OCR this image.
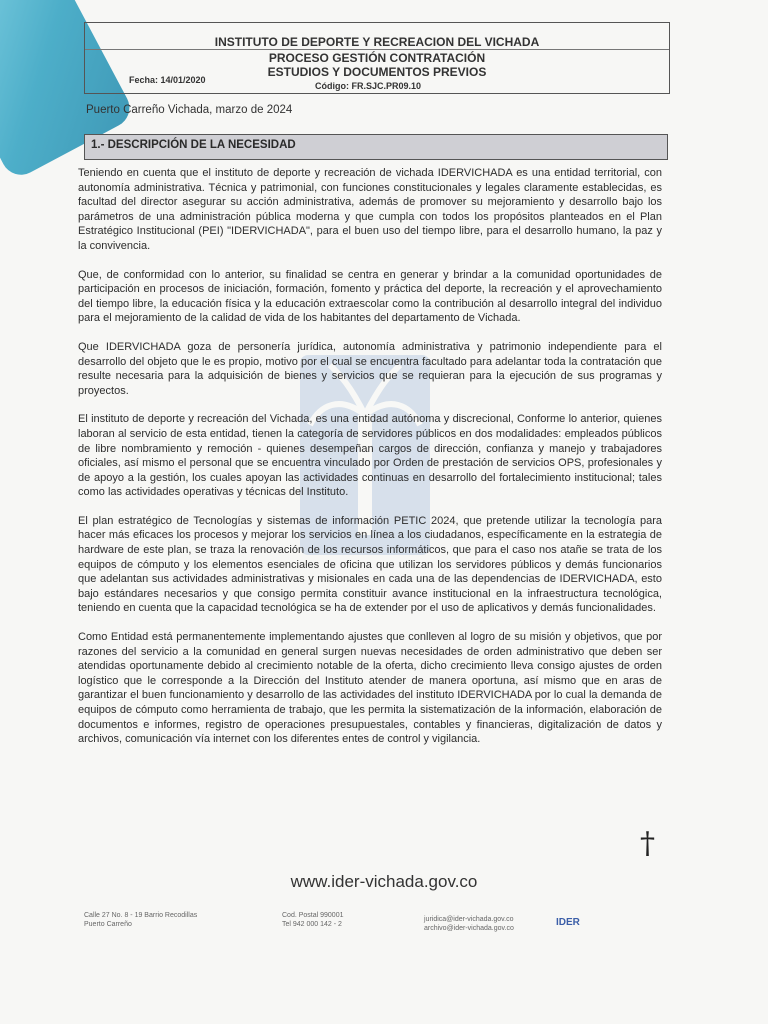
INSTITUTO DE DEPORTE Y RECREACION DEL VICHADA
PROCESO GESTIÓN CONTRATACIÓN
ESTUDIOS Y DOCUMENTOS PREVIOS
Fecha: 14/01/2020
Código: FR.SJC.PR09.10
Puerto Carreño Vichada, marzo de 2024
1.- DESCRIPCIÓN DE LA NECESIDAD

Teniendo en cuenta que el instituto de deporte y recreación de vichada IDERVICHADA es una entidad territorial, con autonomía administrativa. Técnica y patrimonial, con funciones constitucionales y legales claramente establecidas, es facultad del director asegurar su acción administrativa, además de promover su mejoramiento y desarrollo bajo los parámetros de una administración pública moderna y que cumpla con todos los propósitos planteados en el Plan Estratégico Institucional (PEI) "IDERVICHADA", para el buen uso del tiempo libre, para el desarrollo humano, la paz y la convivencia.

Que, de conformidad con lo anterior, su finalidad se centra en generar y brindar a la comunidad oportunidades de participación en procesos de iniciación, formación, fomento y práctica del deporte, la recreación y el aprovechamiento del tiempo libre, la educación física y la educación extraescolar como la contribución al desarrollo integral del individuo para el mejoramiento de la calidad de vida de los habitantes del departamento de Vichada.

Que IDERVICHADA goza de personería jurídica, autonomía administrativa y patrimonio independiente para el desarrollo del objeto que le es propio, motivo por el cual se encuentra facultado para adelantar toda la contratación que resulte necesaria para la adquisición de bienes y servicios que se requieran para la ejecución de sus programas y proyectos.

El instituto de deporte y recreación del Vichada, es una entidad autónoma y discrecional, Conforme lo anterior, quienes laboran al servicio de esta entidad, tienen la categoría de servidores públicos en dos modalidades: empleados públicos de libre nombramiento y remoción - quienes desempeñan cargos de dirección, confianza y manejo y trabajadores oficiales, así mismo el personal que se encuentra vinculado por Orden de prestación de servicios OPS, profesionales y de apoyo a la gestión, los cuales apoyan las actividades continuas en desarrollo del fortalecimiento institucional; tales como las actividades operativas y técnicas del Instituto.

El plan estratégico de Tecnologías y sistemas de información PETIC 2024, que pretende utilizar la tecnología para hacer más eficaces los procesos y mejorar los servicios en línea a los ciudadanos, específicamente en la estrategia de hardware de este plan, se traza la renovación de los recursos informáticos, que para el caso nos atañe se trata de los equipos de cómputo y los elementos esenciales de oficina que utilizan los servidores públicos y demás funcionarios que adelantan sus actividades administrativas y misionales en cada una de las dependencias de IDERVICHADA, esto bajo estándares necesarios y que consigo permita constituir avance institucional en la infraestructura tecnológica, teniendo en cuenta que la capacidad tecnológica se ha de extender por el uso de aplicativos y demás funcionalidades.

Como Entidad está permanentemente implementando ajustes que conlleven al logro de su misión y objetivos, que por razones del servicio a la comunidad en general surgen nuevas necesidades de orden administrativo que deben ser atendidas oportunamente debido al crecimiento notable de la oferta, dicho crecimiento lleva consigo ajustes de orden logístico que le corresponde a la Dirección del Instituto atender de manera oportuna, así mismo que en aras de garantizar el buen funcionamiento y desarrollo de las actividades del instituto IDERVICHADA por lo cual la demanda de equipos de cómputo como herramienta de trabajo, que les permita la sistematización de la información, elaboración de documentos e informes, registro de operaciones presupuestales, contables y financieras, digitalización de datos y archivos, comunicación vía internet con los diferentes entes de control y vigilancia.

†
www.ider-vichada.gov.co
Calle 27 No. 8 - 19 Barrio Recodillas
Puerto Carreño
Cod. Postal 990001
Tel 942 000 142 - 2
juridica@ider-vichada.gov.co
archivo@ider-vichada.gov.co
IDER
